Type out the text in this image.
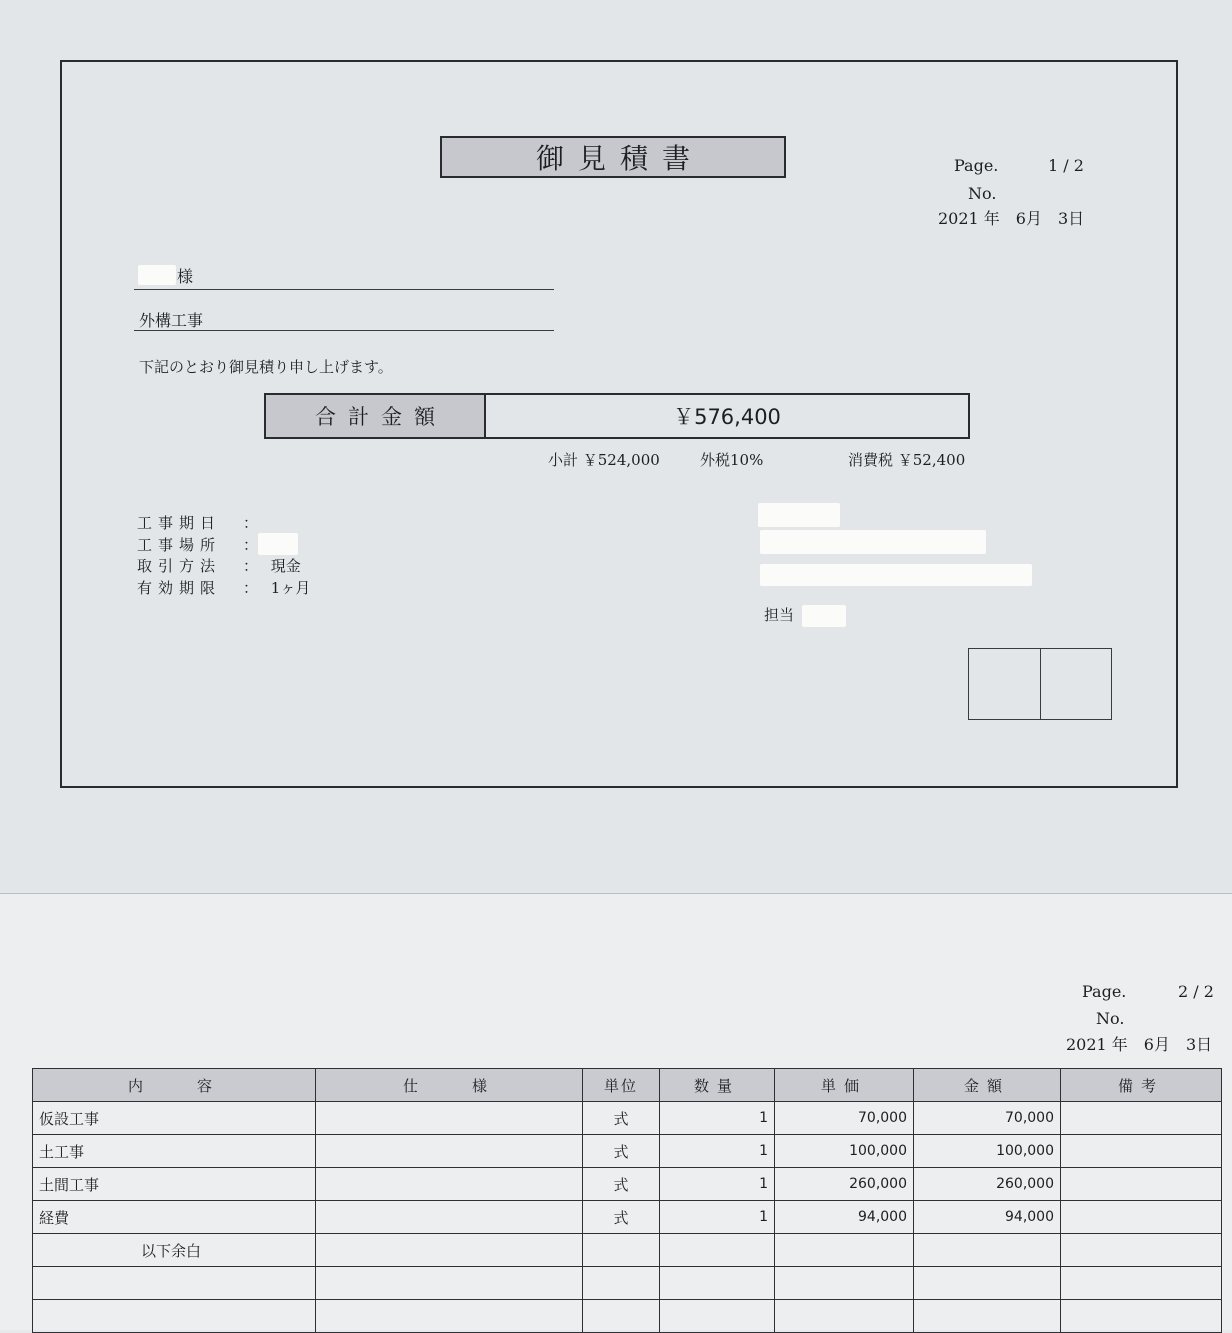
御見積書	Page.	1 / 2
No.
2021 年　6月　3日
様
外構工事
下記のとおり御見積り申し上げます。
合計金額	￥576,400
小計 ￥524,000	外税10%	消費税 ￥52,400
工事期日 ：
工事場所 ：
取引方法 ： 現金
有効期限 ： 1ヶ月
担当
Page.	2 / 2
No.
2021 年　6月　3日
内　　容	仕　　様	単位	数量	単価	金額	備考
仮設工事		式	1	70,000	70,000	
土工事		式	1	100,000	100,000	
土間工事		式	1	260,000	260,000	
経費		式	1	94,000	94,000	
以下余白						
